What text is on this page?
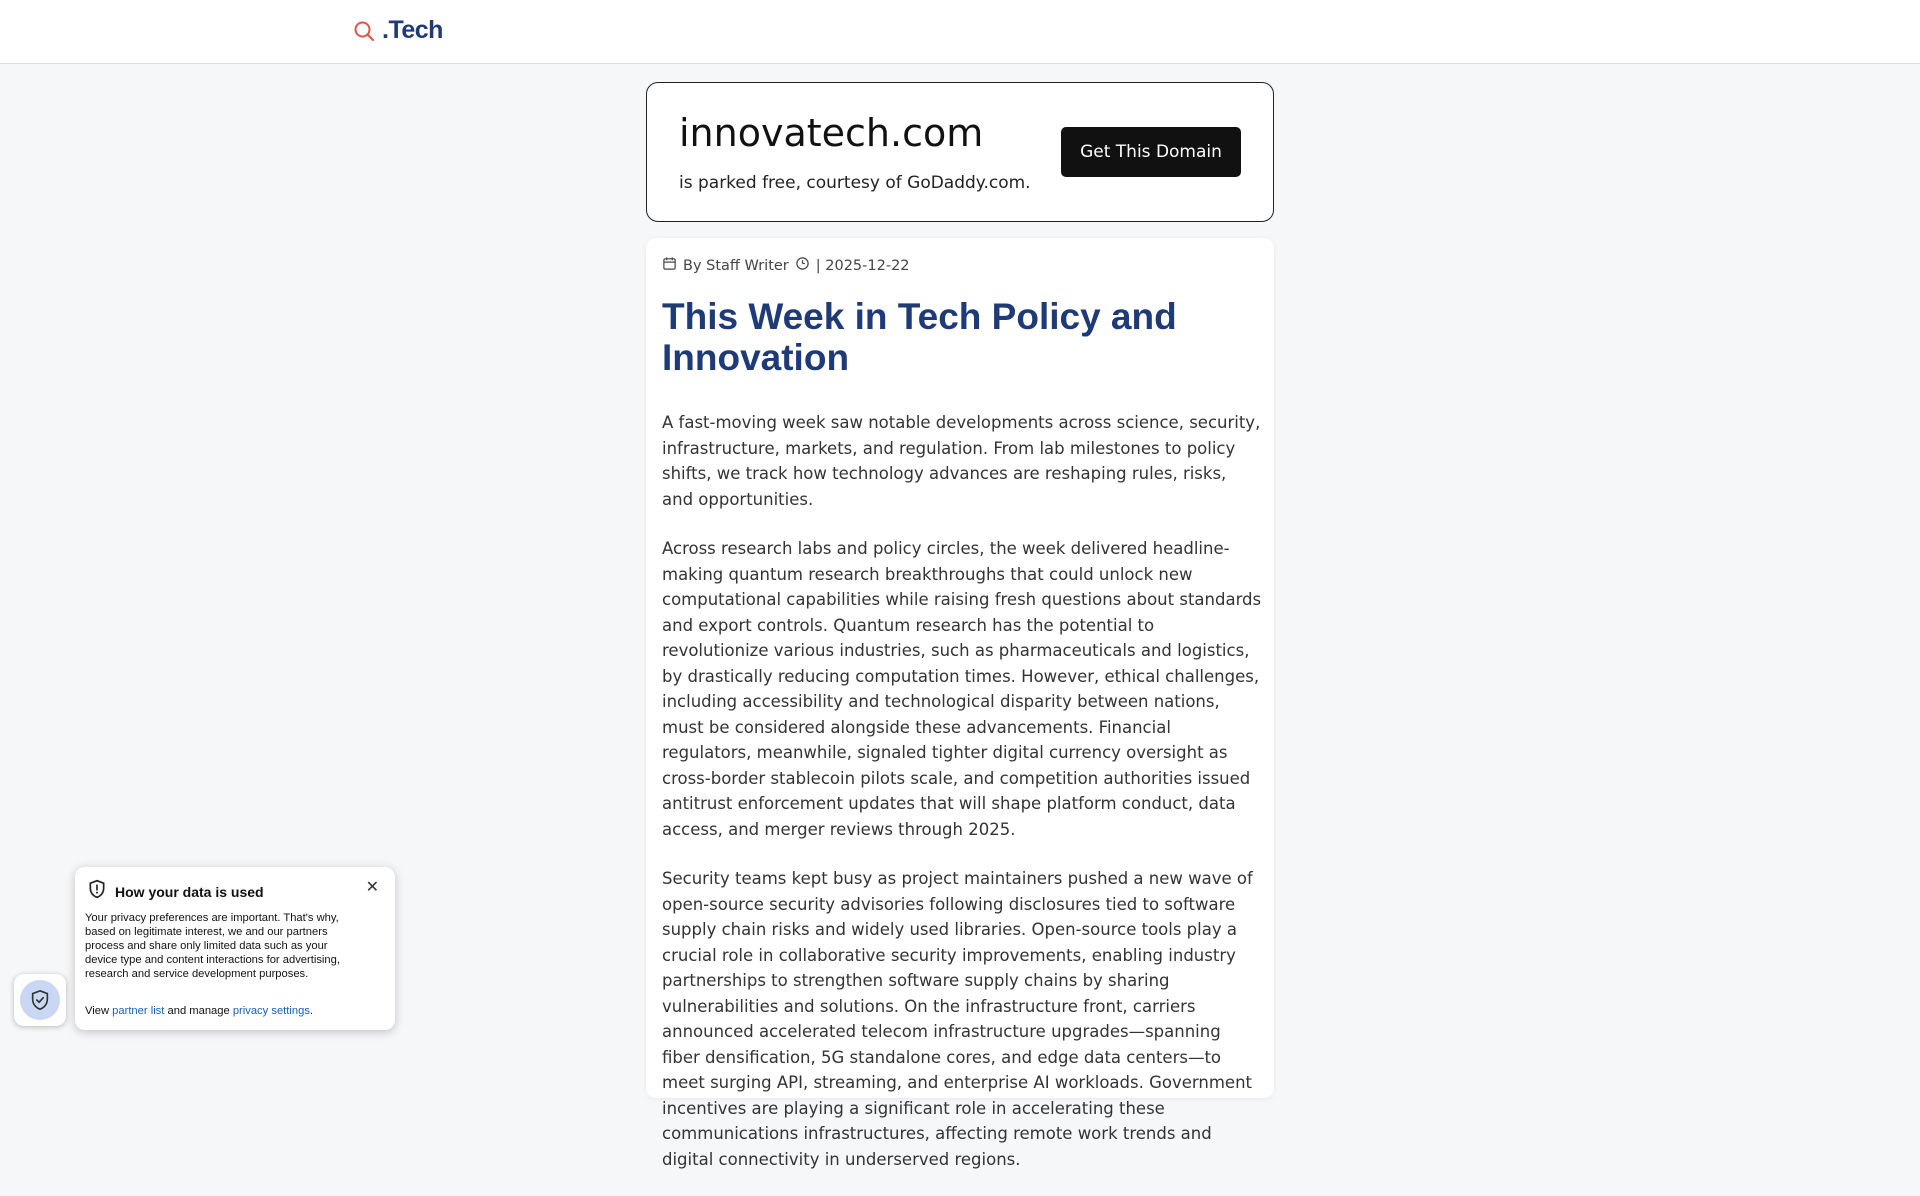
.Tech
innovatech.com
is parked free, courtesy of GoDaddy.com.
Get This Domain
By Staff Writer | 2025-12-22
This Week in Tech Policy and Innovation

A fast-moving week saw notable developments across science, security, infrastructure, markets, and regulation. From lab milestones to policy shifts, we track how technology advances are reshaping rules, risks, and opportunities.

Across research labs and policy circles, the week delivered headline-making quantum research breakthroughs that could unlock new computational capabilities while raising fresh questions about standards and export controls. Quantum research has the potential to revolutionize various industries, such as pharmaceuticals and logistics, by drastically reducing computation times. However, ethical challenges, including accessibility and technological disparity between nations, must be considered alongside these advancements. Financial regulators, meanwhile, signaled tighter digital currency oversight as cross-border stablecoin pilots scale, and competition authorities issued antitrust enforcement updates that will shape platform conduct, data access, and merger reviews through 2025.

Security teams kept busy as project maintainers pushed a new wave of open-source security advisories following disclosures tied to software supply chain risks and widely used libraries. Open-source tools play a crucial role in collaborative security improvements, enabling industry partnerships to strengthen software supply chains by sharing vulnerabilities and solutions. On the infrastructure front, carriers announced accelerated telecom infrastructure upgrades—spanning fiber densification, 5G standalone cores, and edge data centers—to meet surging API, streaming, and enterprise AI workloads. Government incentives are playing a significant role in accelerating these communications infrastructures, affecting remote work trends and digital connectivity in underserved regions.

How your data is used	✕
Your privacy preferences are important. That's why, based on legitimate interest, we and our partners process and share only limited data such as your device type and content interactions for advertising, research and service development purposes.
View partner list and manage privacy settings.
